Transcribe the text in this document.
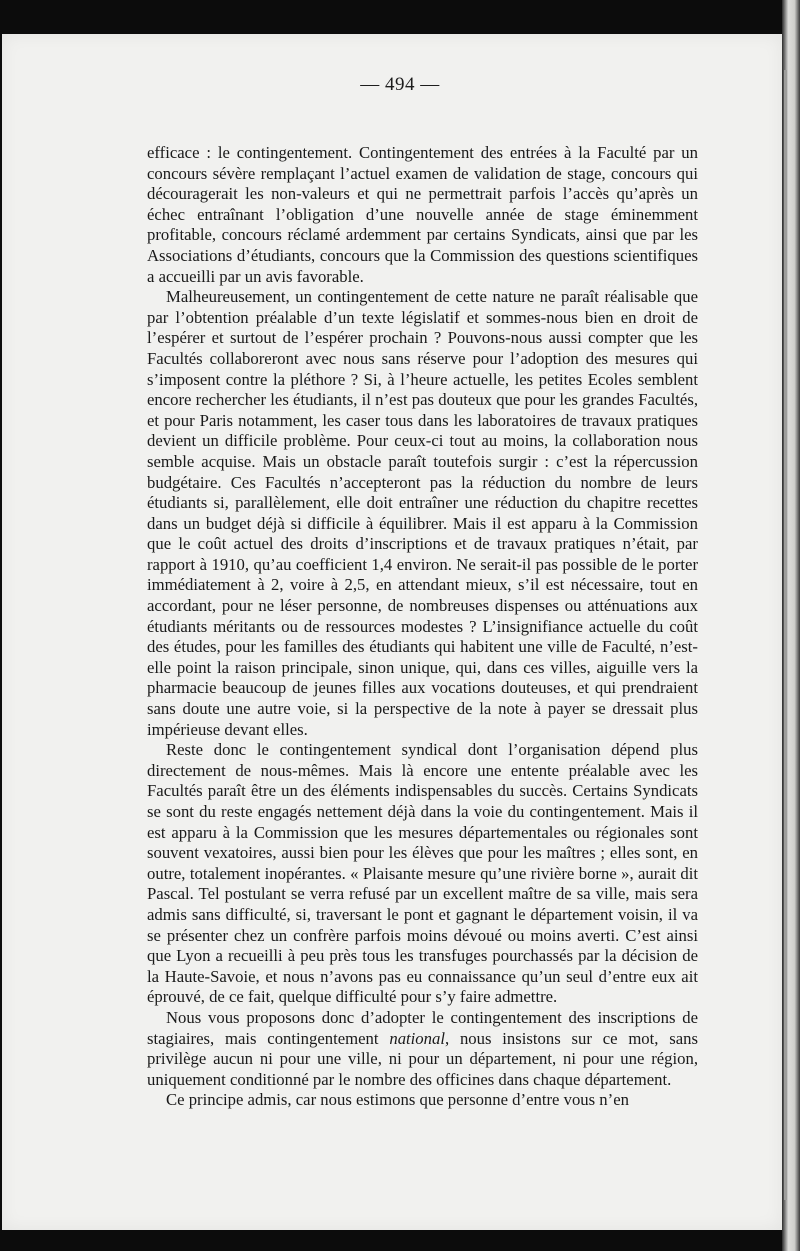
— 494 —

efficace : le contingentement. Contingentement des entrées à la Faculté par un concours sévère remplaçant l’actuel examen de validation de stage, concours qui découragerait les non-valeurs et qui ne permettrait parfois l’accès qu’après un échec entraînant l’obligation d’une nouvelle année de stage éminemment profitable, concours réclamé ardemment par certains Syndicats, ainsi que par les Associations d’étudiants, concours que la Commission des questions scientifiques a accueilli par un avis favorable.

Malheureusement, un contingentement de cette nature ne paraît réalisable que par l’obtention préalable d’un texte législatif et sommes-nous bien en droit de l’espérer et surtout de l’espérer prochain ? Pouvons-nous aussi compter que les Facultés collaboreront avec nous sans réserve pour l’adoption des mesures qui s’imposent contre la pléthore ? Si, à l’heure actuelle, les petites Ecoles semblent encore rechercher les étudiants, il n’est pas douteux que pour les grandes Facultés, et pour Paris notamment, les caser tous dans les laboratoires de travaux pratiques devient un difficile problème. Pour ceux-ci tout au moins, la collaboration nous semble acquise. Mais un obstacle paraît toutefois surgir : c’est la répercussion budgétaire. Ces Facultés n’accepteront pas la réduction du nombre de leurs étudiants si, parallèlement, elle doit entraîner une réduction du chapitre recettes dans un budget déjà si difficile à équilibrer. Mais il est apparu à la Commission que le coût actuel des droits d’inscriptions et de travaux pratiques n’était, par rapport à 1910, qu’au coefficient 1,4 environ. Ne serait-il pas possible de le porter immédiatement à 2, voire à 2,5, en attendant mieux, s’il est nécessaire, tout en accordant, pour ne léser personne, de nombreuses dispenses ou atténuations aux étudiants méritants ou de ressources modestes ? L’insignifiance actuelle du coût des études, pour les familles des étudiants qui habitent une ville de Faculté, n’est-elle point la raison principale, sinon unique, qui, dans ces villes, aiguille vers la pharmacie beaucoup de jeunes filles aux vocations douteuses, et qui prendraient sans doute une autre voie, si la perspective de la note à payer se dressait plus impérieuse devant elles.

Reste donc le contingentement syndical dont l’organisation dépend plus directement de nous-mêmes. Mais là encore une entente préalable avec les Facultés paraît être un des éléments indispensables du succès. Certains Syndicats se sont du reste engagés nettement déjà dans la voie du contingentement. Mais il est apparu à la Commission que les mesures départementales ou régionales sont souvent vexatoires, aussi bien pour les élèves que pour les maîtres ; elles sont, en outre, totalement inopérantes. « Plaisante mesure qu’une rivière borne », aurait dit Pascal. Tel postulant se verra refusé par un excellent maître de sa ville, mais sera admis sans difficulté, si, traversant le pont et gagnant le département voisin, il va se présenter chez un confrère parfois moins dévoué ou moins averti. C’est ainsi que Lyon a recueilli à peu près tous les transfuges pourchassés par la décision de la Haute-Savoie, et nous n’avons pas eu connaissance qu’un seul d’entre eux ait éprouvé, de ce fait, quelque difficulté pour s’y faire admettre.

Nous vous proposons donc d’adopter le contingentement des inscriptions de stagiaires, mais contingentement national, nous insistons sur ce mot, sans privilège aucun ni pour une ville, ni pour un département, ni pour une région, uniquement conditionné par le nombre des officines dans chaque département.

Ce principe admis, car nous estimons que personne d’entre vous n’en
